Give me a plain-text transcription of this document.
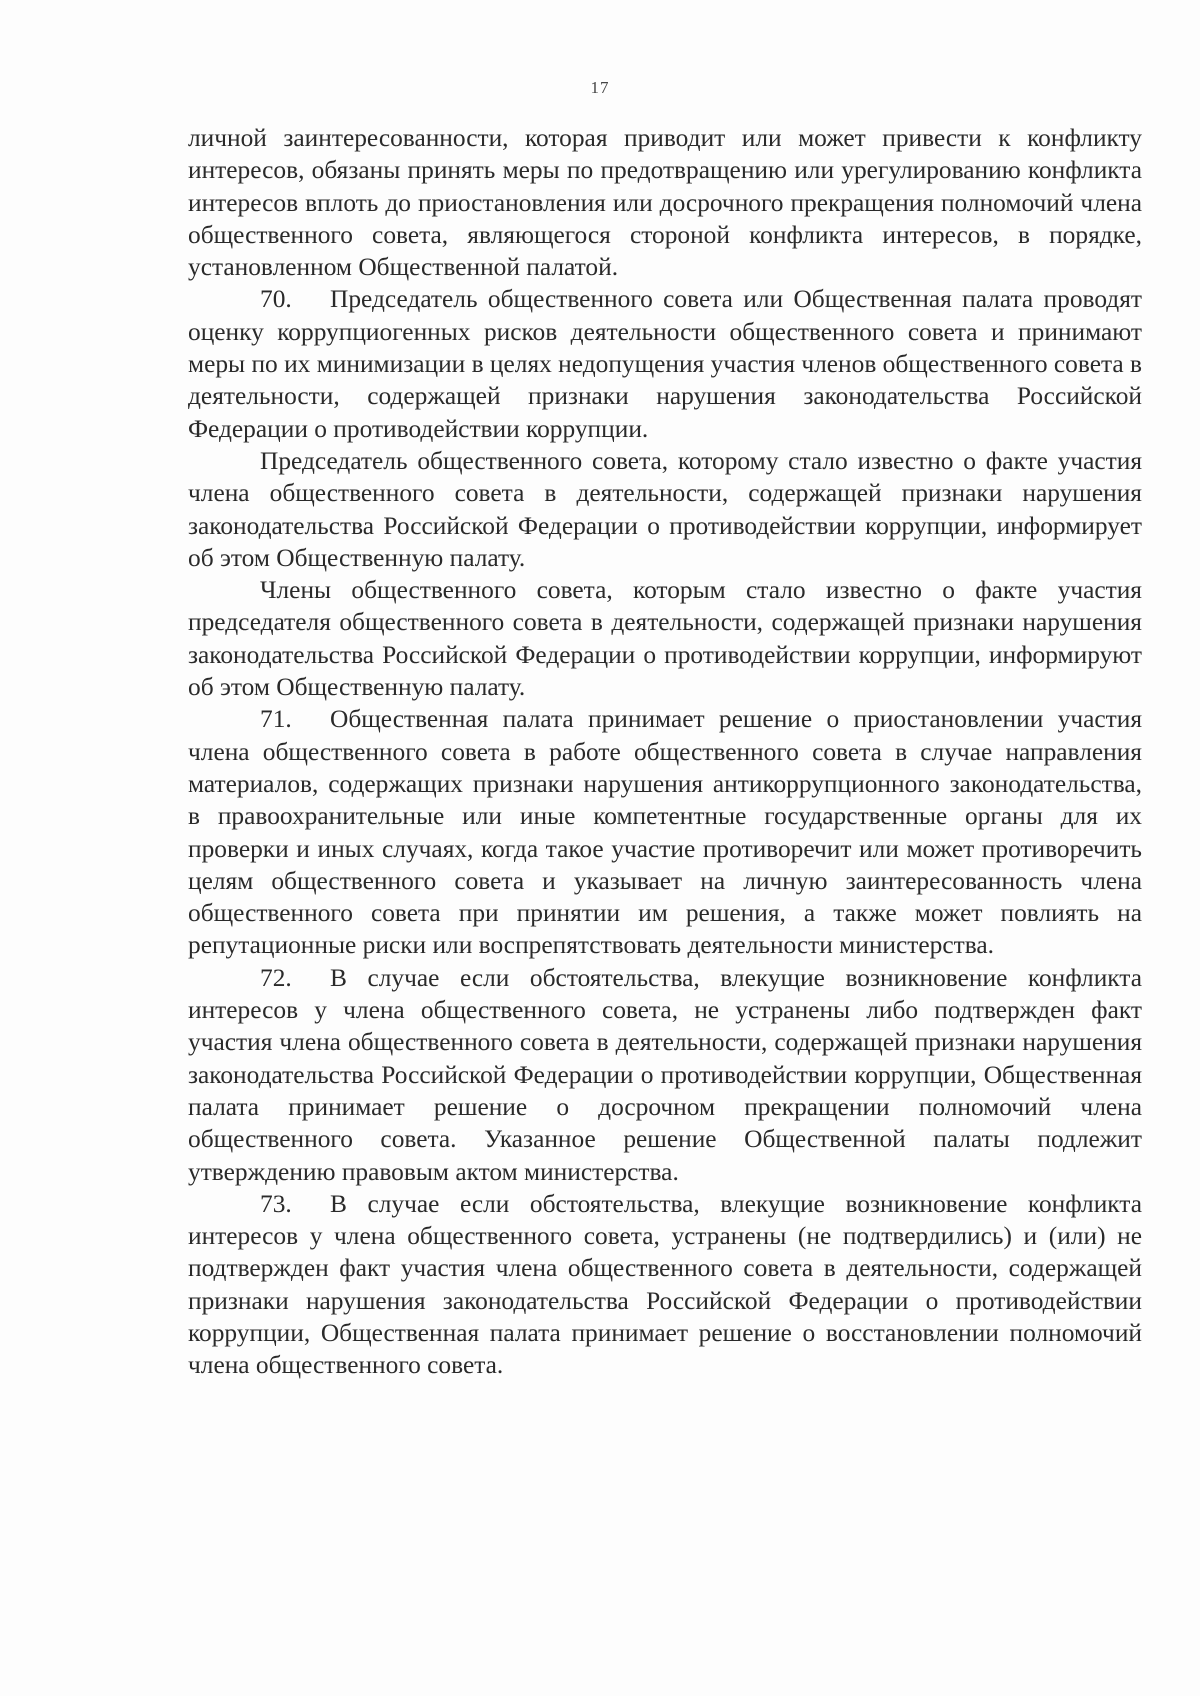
17

личной заинтересованности, которая приводит или может привести к конфликту интересов, обязаны принять меры по предотвращению или урегулированию конфликта интересов вплоть до приостановления или досрочного прекращения полномочий члена общественного совета, являющегося стороной конфликта интересов, в порядке, установленном Общественной палатой.

70. Председатель общественного совета или Общественная палата проводят оценку коррупциогенных рисков деятельности общественного совета и принимают меры по их минимизации в целях недопущения участия членов общественного совета в деятельности, содержащей признаки нарушения законодательства Российской Федерации о противодействии коррупции.

Председатель общественного совета, которому стало известно о факте участия члена общественного совета в деятельности, содержащей признаки нарушения законодательства Российской Федерации о противодействии коррупции, информирует об этом Общественную палату.

Члены общественного совета, которым стало известно о факте участия председателя общественного совета в деятельности, содержащей признаки нарушения законодательства Российской Федерации о противодействии коррупции, информируют об этом Общественную палату.

71. Общественная палата принимает решение о приостановлении участия члена общественного совета в работе общественного совета в случае направления материалов, содержащих признаки нарушения антикоррупционного законодательства, в правоохранительные или иные компетентные государственные органы для их проверки и иных случаях, когда такое участие противоречит или может противоречить целям общественного совета и указывает на личную заинтересованность члена общественного совета при принятии им решения, а также может повлиять на репутационные риски или воспрепятствовать деятельности министерства.

72. В случае если обстоятельства, влекущие возникновение конфликта интересов у члена общественного совета, не устранены либо подтвержден факт участия члена общественного совета в деятельности, содержащей признаки нарушения законодательства Российской Федерации о противодействии коррупции, Общественная палата принимает решение о досрочном прекращении полномочий члена общественного совета. Указанное решение Общественной палаты подлежит утверждению правовым актом министерства.

73. В случае если обстоятельства, влекущие возникновение конфликта интересов у члена общественного совета, устранены (не подтвердились) и (или) не подтвержден факт участия члена общественного совета в деятельности, содержащей признаки нарушения законодательства Российской Федерации о противодействии коррупции, Общественная палата принимает решение о восстановлении полномочий члена общественного совета.
